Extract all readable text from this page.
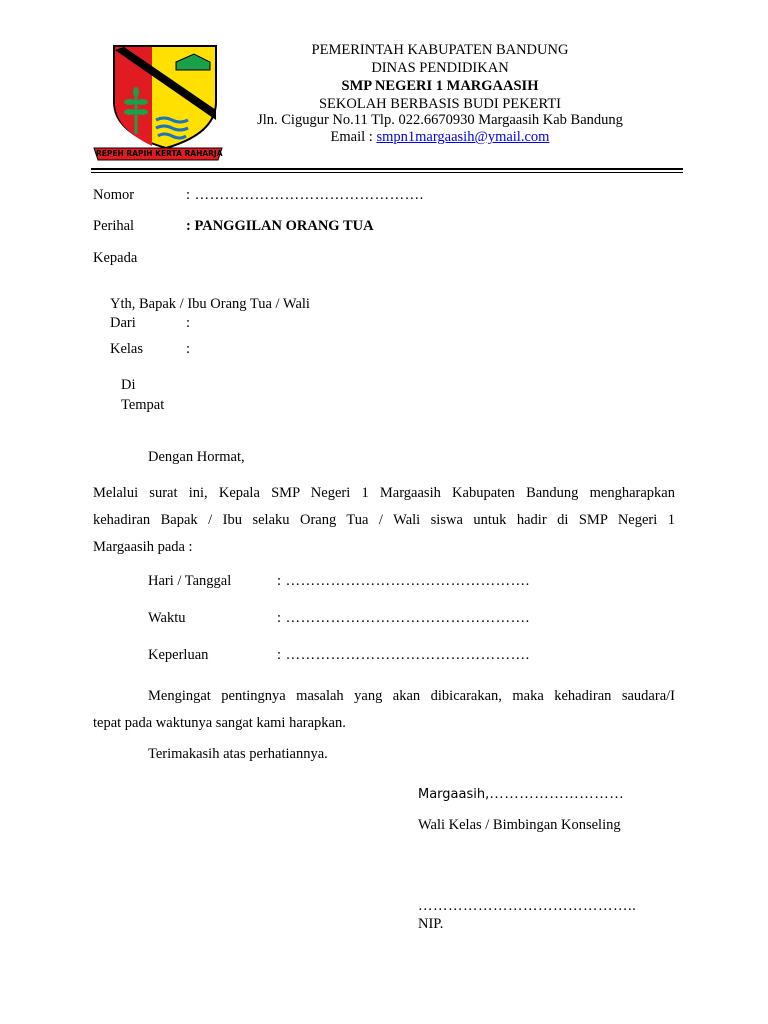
REPEH RAPIH KERTA RAHARJA
PEMERINTAH KABUPATEN BANDUNG
DINAS PENDIDIKAN
SMP NEGERI 1 MARGAASIH
SEKOLAH BERBASIS BUDI PEKERTI
Jln. Cigugur No.11 Tlp. 022.6670930 Margaasih Kab Bandung
Email : smpn1margaasih@ymail.com
Nomor	: ……………………………………….
Perihal	: PANGGILAN ORANG TUA
Kepada
Yth, Bapak / Ibu Orang Tua / Wali
Dari	:
Kelas	:
Di
Tempat
Dengan Hormat,
Melalui surat ini, Kepala SMP Negeri 1 Margaasih Kabupaten Bandung mengharapkan
kehadiran Bapak / Ibu selaku Orang Tua / Wali siswa untuk hadir di SMP Negeri 1
Margaasih pada :
Hari / Tanggal	: ………………………………………….
Waktu	: ………………………………………….
Keperluan	: ………………………………………….
Mengingat pentingnya masalah yang akan dibicarakan, maka kehadiran saudara/I
tepat pada waktunya sangat kami harapkan.
Terimakasih atas perhatiannya.
Margaasih,………………………
Wali Kelas / Bimbingan Konseling
……………………………………..
NIP.
